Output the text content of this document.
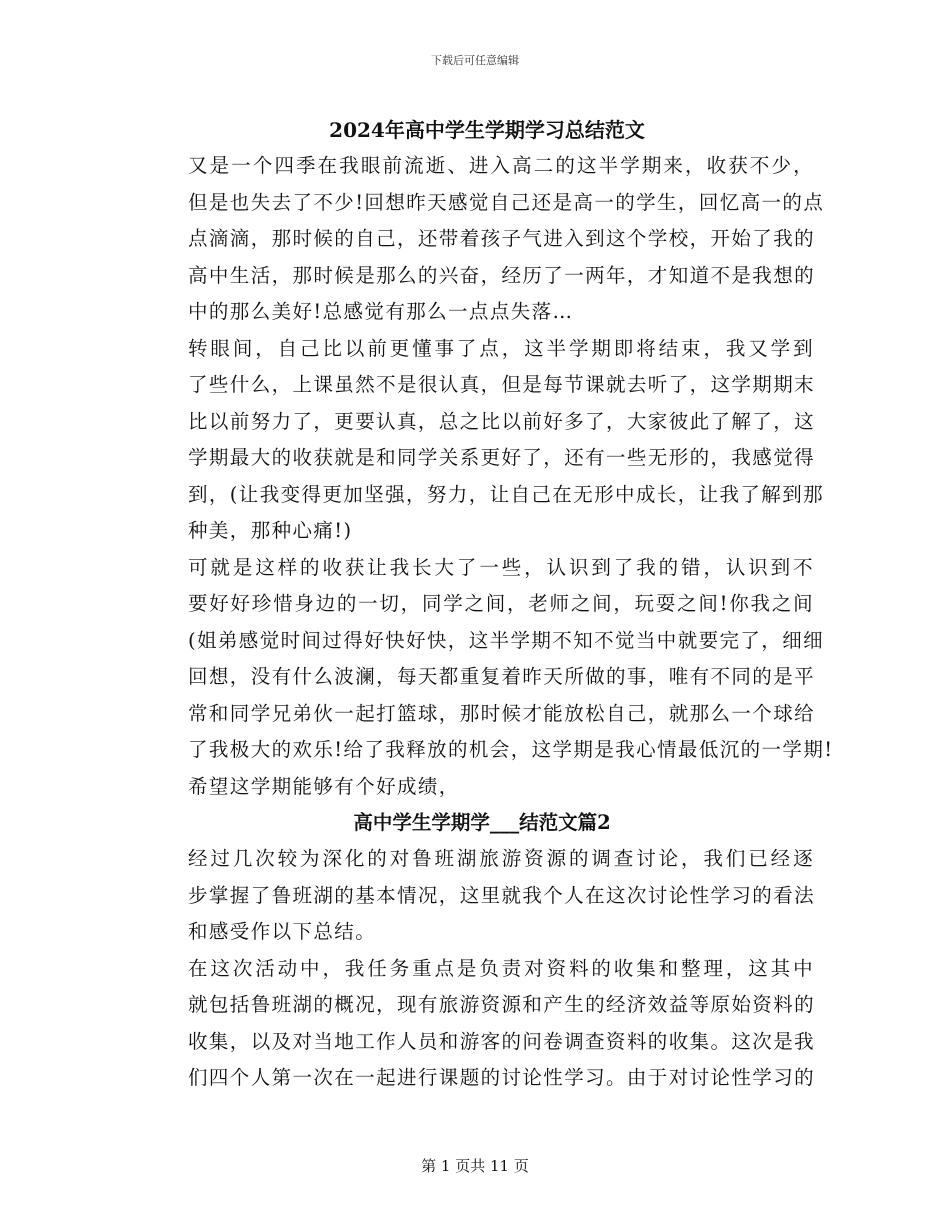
下载后可任意编辑
2024年高中学生学期学习总结范文

又是一个四季在我眼前流逝、进入高二的这半学期来，收获不少，
但是也失去了不少!回想昨天感觉自己还是高一的学生，回忆高一的点
点滴滴，那时候的自己，还带着孩子气进入到这个学校，开始了我的
高中生活，那时候是那么的兴奋，经历了一两年，才知道不是我想的
中的那么美好!总感觉有那么一点点失落…

转眼间，自己比以前更懂事了点，这半学期即将结束，我又学到
了些什么，上课虽然不是很认真，但是每节课就去听了，这学期期末
比以前努力了，更要认真，总之比以前好多了，大家彼此了解了，这
学期最大的收获就是和同学关系更好了，还有一些无形的，我感觉得
到，(让我变得更加坚强，努力，让自己在无形中成长，让我了解到那
种美，那种心痛!)

可就是这样的收获让我长大了一些，认识到了我的错，认识到不
要好好珍惜身边的一切，同学之间，老师之间，玩耍之间!你我之间
(姐弟感觉时间过得好快好快，这半学期不知不觉当中就要完了，细细
回想，没有什么波澜，每天都重复着昨天所做的事，唯有不同的是平
常和同学兄弟伙一起打篮球，那时候才能放松自己，就那么一个球给
了我极大的欢乐!给了我释放的机会，这学期是我心情最低沉的一学期!
希望这学期能够有个好成绩，

高中学生学期学___结范文篇2

经过几次较为深化的对鲁班湖旅游资源的调查讨论，我们已经逐
步掌握了鲁班湖的基本情况，这里就我个人在这次讨论性学习的看法
和感受作以下总结。

在这次活动中，我任务重点是负责对资料的收集和整理，这其中
就包括鲁班湖的概况，现有旅游资源和产生的经济效益等原始资料的
收集，以及对当地工作人员和游客的问卷调查资料的收集。这次是我
们四个人第一次在一起进行课题的讨论性学习。由于对讨论性学习的

第 1 页共 11 页
